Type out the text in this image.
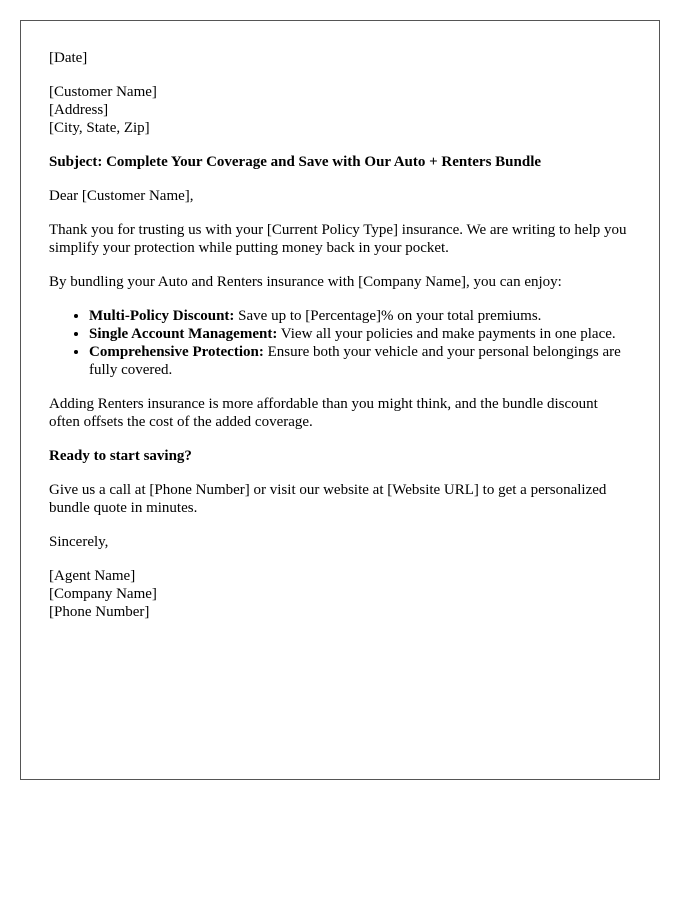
[Date]

[Customer Name]
[Address]
[City, State, Zip]

Subject: Complete Your Coverage and Save with Our Auto + Renters Bundle

Dear [Customer Name],

Thank you for trusting us with your [Current Policy Type] insurance. We are writing to help you simplify your protection while putting money back in your pocket.

By bundling your Auto and Renters insurance with [Company Name], you can enjoy:

• Multi-Policy Discount: Save up to [Percentage]% on your total premiums.
• Single Account Management: View all your policies and make payments in one place.
• Comprehensive Protection: Ensure both your vehicle and your personal belongings are fully covered.

Adding Renters insurance is more affordable than you might think, and the bundle discount often offsets the cost of the added coverage.

Ready to start saving?

Give us a call at [Phone Number] or visit our website at [Website URL] to get a personalized bundle quote in minutes.

Sincerely,

[Agent Name]
[Company Name]
[Phone Number]
